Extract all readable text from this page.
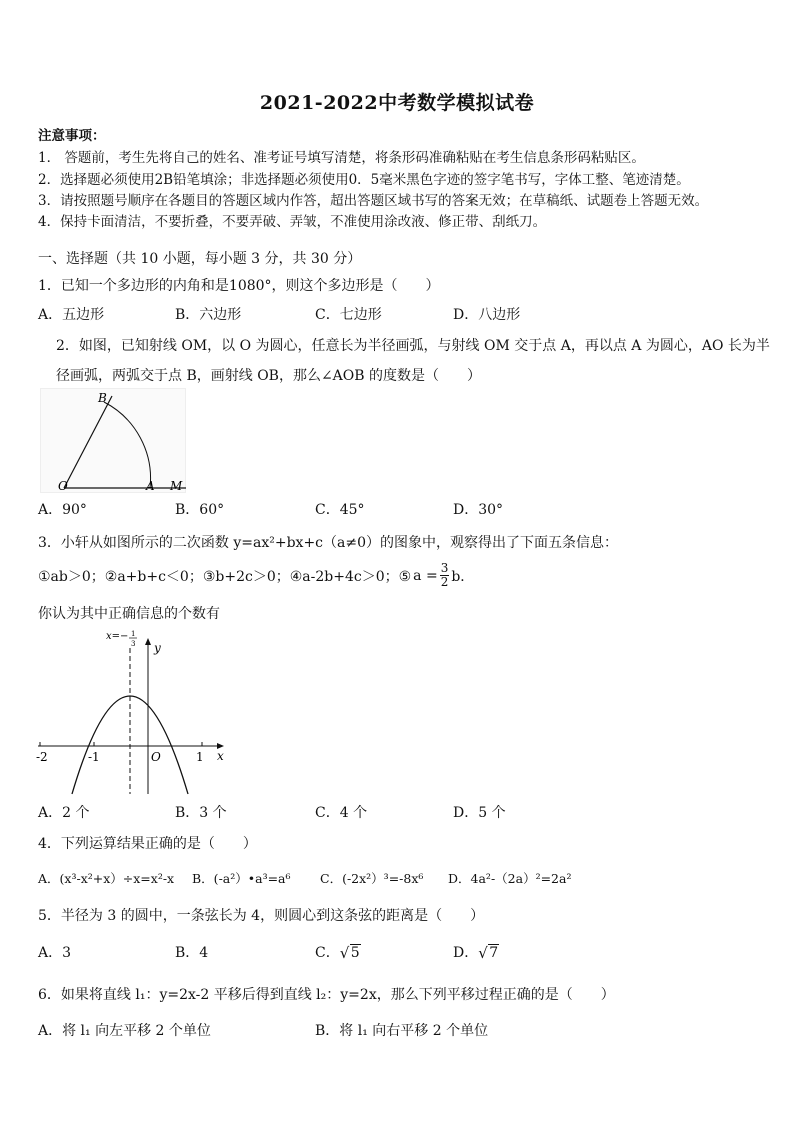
2021-2022中考数学模拟试卷
注意事项：
1． 答题前，考生先将自己的姓名、准考证号填写清楚，将条形码准确粘贴在考生信息条形码粘贴区。
2．选择题必须使用2B铅笔填涂；非选择题必须使用0．5毫米黑色字迹的签字笔书写，字体工整、笔迹清楚。
3．请按照题号顺序在各题目的答题区域内作答，超出答题区域书写的答案无效；在草稿纸、试题卷上答题无效。
4．保持卡面清洁，不要折叠，不要弄破、弄皱，不准使用涂改液、修正带、刮纸刀。
一、选择题（共 10 小题，每小题 3 分，共 30 分）
1．已知一个多边形的内角和是1080°，则这个多边形是（　　）
A．五边形	B．六边形	C．七边形	D．八边形
2．如图，已知射线 OM，以 O 为圆心，任意长为半径画弧，与射线 OM 交于点 A，再以点 A 为圆心，AO 长为半
径画弧，两弧交于点 B，画射线 OB，那么∠AOB 的度数是（　　）
B
O	A M
A．90°	B．60°	C．45°	D．30°
3．小轩从如图所示的二次函数 y=ax²+bx+c（a≠0）的图象中，观察得出了下面五条信息：
①ab＞0；②a+b+c＜0；③b+2c＞0；④a-2b+4c＞0；⑤ $a = \frac{3}{2}$ b．
你认为其中正确信息的个数有
x=− 1
3 y
x
O
-2	-1	1
A．2 个	B．3 个	C．4 个	D．5 个
4．下列运算结果正确的是（　　）
A．(x³-x²+x）÷x=x²-x B．(-a²）•a³=a⁶ C．(-2x²）³=-8x⁶ D．4a²-（2a）²=2a²
5．半径为 3 的圆中，一条弦长为 4，则圆心到这条弦的距离是（　　）
A．3	B．4	C． √ 5	D． √ 7
6．如果将直线 l₁：y=2x-2 平移后得到直线 l₂：y=2x，那么下列平移过程正确的是（　　）
A．将 l₁ 向左平移 2 个单位	B．将 l₁ 向右平移 2 个单位
